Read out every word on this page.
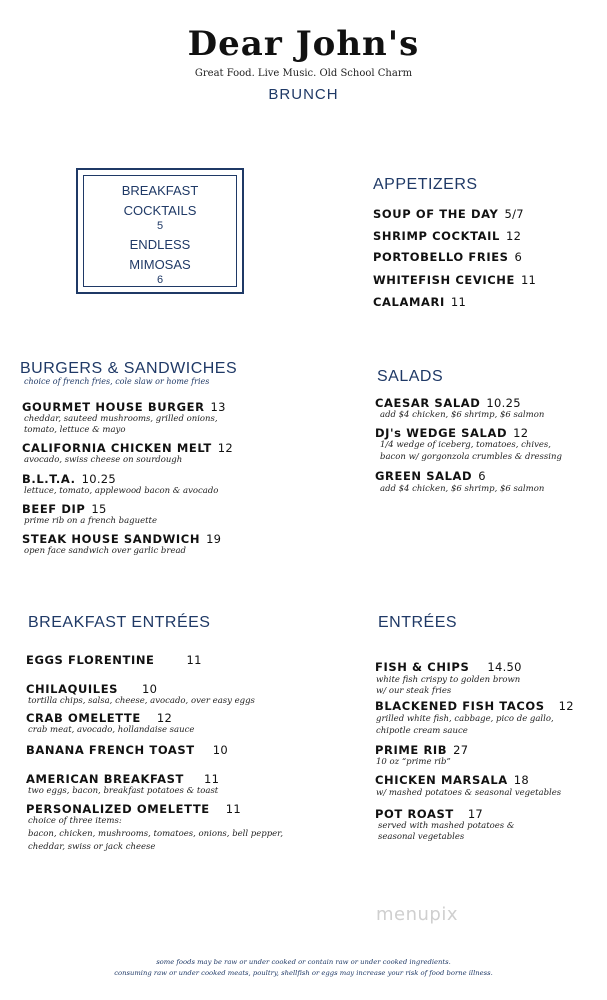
Dear John's
Great Food. Live Music. Old School Charm
BRUNCH
BREAKFAST
COCKTAILS
5
ENDLESS
MIMOSAS
6
APPETIZERS
SOUP OF THE DAY 5/7
SHRIMP COCKTAIL 12
PORTOBELLO FRIES 6
WHITEFISH CEVICHE 11
CALAMARI 11
BURGERS & SANDWICHES
choice of french fries, cole slaw or home fries
GOURMET HOUSE BURGER 13
cheddar, sauteed mushrooms, grilled onions,
tomato, lettuce & mayo
CALIFORNIA CHICKEN MELT 12
avocado, swiss cheese on sourdough
B.L.T.A. 10.25
lettuce, tomato, applewood bacon & avocado
BEEF DIP 15
prime rib on a french baguette
STEAK HOUSE SANDWICH 19
open face sandwich over garlic bread
SALADS
CAESAR SALAD 10.25
add $4 chicken, $6 shrimp, $6 salmon
DJ's WEDGE SALAD 12
1/4 wedge of iceberg, tomatoes, chives,
bacon w/ gorgonzola crumbles & dressing
GREEN SALAD 6
add $4 chicken, $6 shrimp, $6 salmon
BREAKFAST ENTRÉES
EGGS FLORENTINE	11
CHILAQUILES 10
tortilla chips, salsa, cheese, avocado, over easy eggs
CRAB OMELETTE 12
crab meat, avocado, hollandaise sauce
BANANA FRENCH TOAST 10
AMERICAN BREAKFAST 11
two eggs, bacon, breakfast potatoes & toast
PERSONALIZED OMELETTE 11
choice of three items:
bacon, chicken, mushrooms, tomatoes, onions, bell pepper,
cheddar, swiss or jack cheese
ENTRÉES
FISH & CHIPS 14.50
white fish crispy to golden brown
w/ our steak fries
BLACKENED FISH TACOS 12
grilled white fish, cabbage, pico de gallo,
chipotle cream sauce
PRIME RIB 27
10 oz “prime rib”
CHICKEN MARSALA 18
w/ mashed potatoes & seasonal vegetables
POT ROAST 17
served with mashed potatoes &
seasonal vegetables
menupix
some foods may be raw or under cooked or contain raw or under cooked ingredients.
consuming raw or under cooked meats, poultry, shellfish or eggs may increase your risk of food borne illness.
